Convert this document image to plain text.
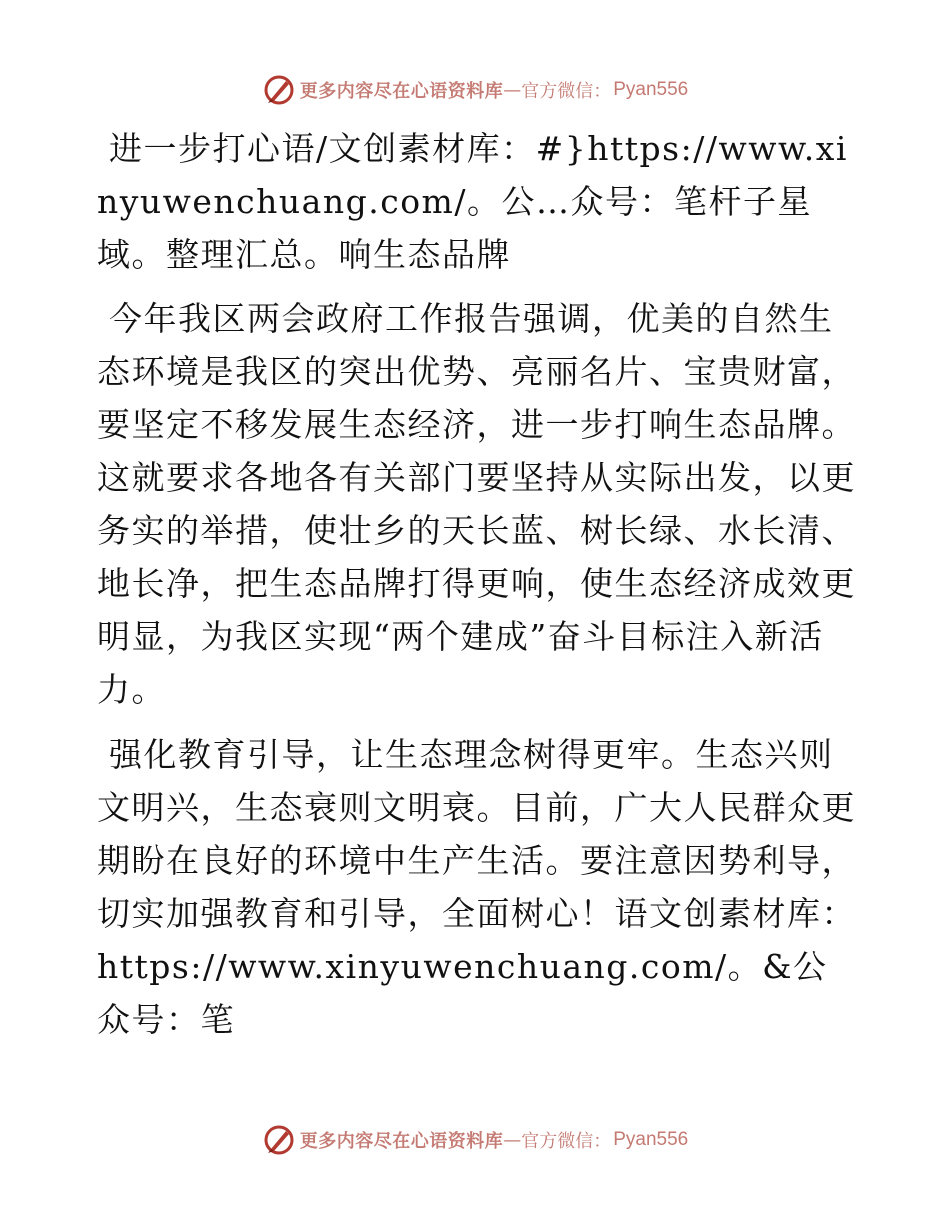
更多内容尽在心语资料库 — 官方微信： Pyan556

进一步打心语/文创素材库：#}https://www.xinyuwenchuang.com/。公…众号：笔杆子星域。整理汇总。响生态品牌

今年我区两会政府工作报告强调，优美的自然生态环境是我区的突出优势、亮丽名片、宝贵财富，要坚定不移发展生态经济，进一步打响生态品牌。这就要求各地各有关部门要坚持从实际出发，以更务实的举措，使壮乡的天长蓝、树长绿、水长清、地长净，把生态品牌打得更响，使生态经济成效更明显，为我区实现“两个建成”奋斗目标注入新活力。

强化教育引导，让生态理念树得更牢。生态兴则文明兴，生态衰则文明衰。目前，广大人民群众更期盼在良好的环境中生产生活。要注意因势利导，切实加强教育和引导，全面树心！语文创素材库：https://www.xinyuwenchuang.com/。&公众号：笔

更多内容尽在心语资料库 — 官方微信： Pyan556
